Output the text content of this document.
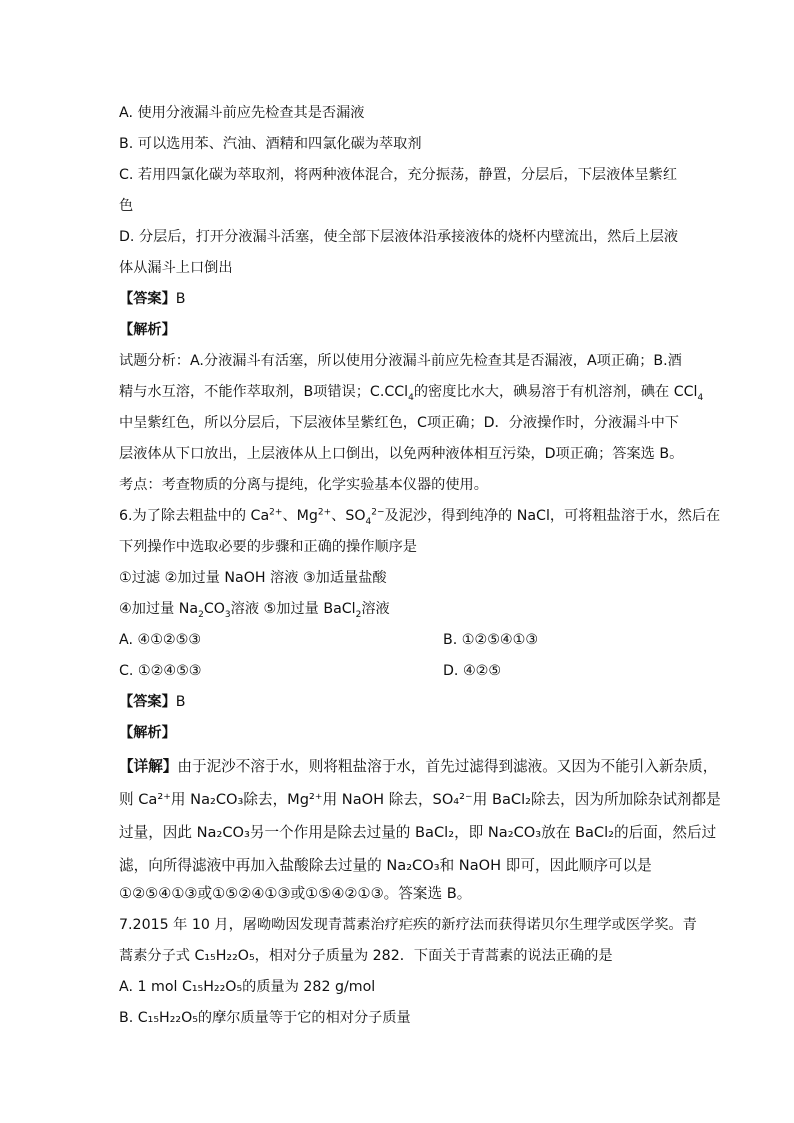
A. 使用分液漏斗前应先检查其是否漏液
B. 可以选用苯、汽油、酒精和四氯化碳为萃取剂
C. 若用四氯化碳为萃取剂，将两种液体混合，充分振荡，静置，分层后，下层液体呈紫红
色
D. 分层后，打开分液漏斗活塞，使全部下层液体沿承接液体的烧杯内壁流出，然后上层液
体从漏斗上口倒出
【答案】B
【解析】
试题分析：A.分液漏斗有活塞，所以使用分液漏斗前应先检查其是否漏液，A项正确；B.酒
精与水互溶，不能作萃取剂，B项错误；C.CCl$_4$的密度比水大，碘易溶于有机溶剂，碘在 CCl$_4$
中呈紫红色，所以分层后，下层液体呈紫红色，C项正确；D．分液操作时，分液漏斗中下
层液体从下口放出，上层液体从上口倒出，以免两种液体相互污染，D项正确；答案选 B。
考点：考查物质的分离与提纯，化学实验基本仪器的使用。
6.为了除去粗盐中的 $Ca^{2+}$、$Mg^{2+}$、$SO_4^{2-}$及泥沙，得到纯净的 NaCl，可将粗盐溶于水，然后在
下列操作中选取必要的步骤和正确的操作顺序是
①过滤 ②加过量 NaOH 溶液 ③加适量盐酸
④加过量 $Na_2CO_3$溶液 ⑤加过量 BaCl$_2$溶液
A. ④①②⑤③	B. ①②⑤④①③
C. ①②④⑤③	D. ④②⑤
【答案】B
【解析】
【详解】由于泥沙不溶于水，则将粗盐溶于水，首先过滤得到滤液。又因为不能引入新杂质，
则 Ca²⁺用 Na₂CO₃除去，Mg²⁺用 NaOH 除去，SO₄²⁻用 BaCl₂除去，因为所加除杂试剂都是
过量，因此 Na₂CO₃另一个作用是除去过量的 BaCl₂，即 Na₂CO₃放在 BaCl₂的后面，然后过
滤，向所得滤液中再加入盐酸除去过量的 Na₂CO₃和 NaOH 即可，因此顺序可以是
①②⑤④①③或①⑤②④①③或①⑤④②①③。答案选 B。
7.2015 年 10 月，屠呦呦因发现青蒿素治疗疟疾的新疗法而获得诺贝尔生理学或医学奖。青
蒿素分子式 C₁₅H₂₂O₅，相对分子质量为 282．下面关于青蒿素的说法正确的是
A. 1 mol C₁₅H₂₂O₅的质量为 282 g/mol
B. C₁₅H₂₂O₅的摩尔质量等于它的相对分子质量
